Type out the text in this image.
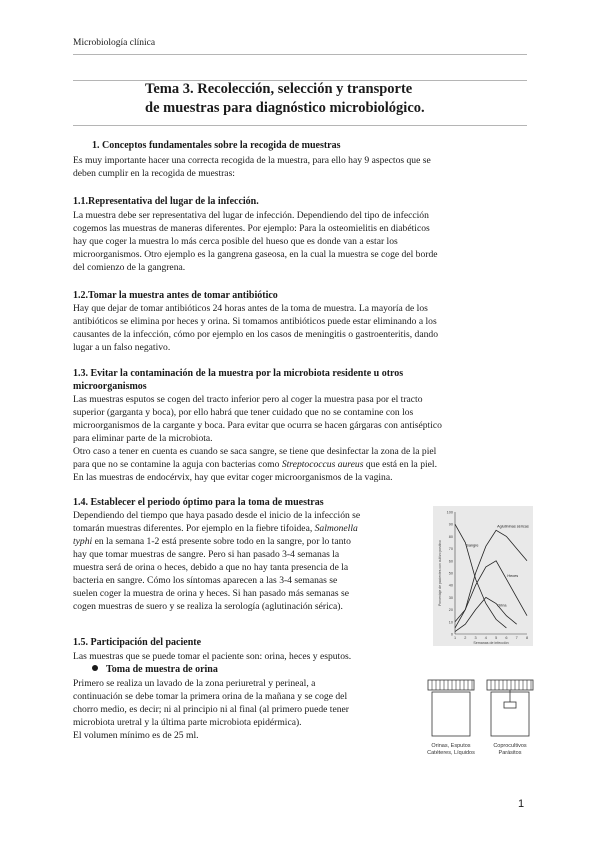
Microbiología clínica
Tema 3. Recolección, selección y transporte
de muestras para diagnóstico microbiológico.
1. Conceptos fundamentales sobre la recogida de muestras
Es muy importante hacer una correcta recogida de la muestra, para ello hay 9 aspectos que se
deben cumplir en la recogida de muestras:
1.1.Representativa del lugar de la infección.
La muestra debe ser representativa del lugar de infección. Dependiendo del tipo de infección
cogemos las muestras de maneras diferentes. Por ejemplo: Para la osteomielitis en diabéticos
hay que coger la muestra lo más cerca posible del hueso que es donde van a estar los
microorganismos. Otro ejemplo es la gangrena gaseosa, en la cual la muestra se coge del borde
del comienzo de la gangrena.
1.2.Tomar la muestra antes de tomar antibiótico
Hay que dejar de tomar antibióticos 24 horas antes de la toma de muestra. La mayoría de los
antibióticos se elimina por heces y orina. Si tomamos antibióticos puede estar eliminando a los
causantes de la infección, cómo por ejemplo en los casos de meningitis o gastroenteritis, dando
lugar a un falso negativo.
1.3. Evitar la contaminación de la muestra por la microbiota residente u otros
microorganismos
Las muestras esputos se cogen del tracto inferior pero al coger la muestra pasa por el tracto
superior (garganta y boca), por ello habrá que tener cuidado que no se contamine con los
microorganismos de la cargante y boca. Para evitar que ocurra se hacen gárgaras con antiséptico
para eliminar parte de la microbiota.
Otro caso a tener en cuenta es cuando se saca sangre, se tiene que desinfectar la zona de la piel
para que no se contamine la aguja con bacterias como Streptococcus aureus que está en la piel.
En las muestras de endocérvix, hay que evitar coger microorganismos de la vagina.
1.4. Establecer el periodo óptimo para la toma de muestras
Dependiendo del tiempo que haya pasado desde el inicio de la infección se
tomarán muestras diferentes. Por ejemplo en la fiebre tifoidea, Salmonella
typhi en la semana 1-2 está presente sobre todo en la sangre, por lo tanto
hay que tomar muestras de sangre. Pero si han pasado 3-4 semanas la
muestra será de orina o heces, debido a que no hay tanta presencia de la
bacteria en sangre. Cómo los síntomas aparecen a las 3-4 semanas se
suelen coger la muestra de orina y heces. Si han pasado más semanas se
cogen muestras de suero y se realiza la serología (aglutinación sérica).
100
90
80
70
60
50
40
30
20
10
0
1 2 3 4 5 6 7 8
Semanas de infección
Porcentaje de pacientes con cultivo positivo	Sangre
Aglutininas séricas
Heces
Orina
1.5. Participación del paciente
Las muestras que se puede tomar el paciente son: orina, heces y esputos.
Toma de muestra de orina
Primero se realiza un lavado de la zona periuretral y perineal, a
continuación se debe tomar la primera orina de la mañana y se coge del
chorro medio, es decir; ni al principio ni al final (al primero puede tener
microbiota uretral y la última parte microbiota epidérmica).
El volumen mínimo es de 25 ml.
Orinas, Esputos
Catéteres, Líquidos
Coprocultivos
Parásitos
1
